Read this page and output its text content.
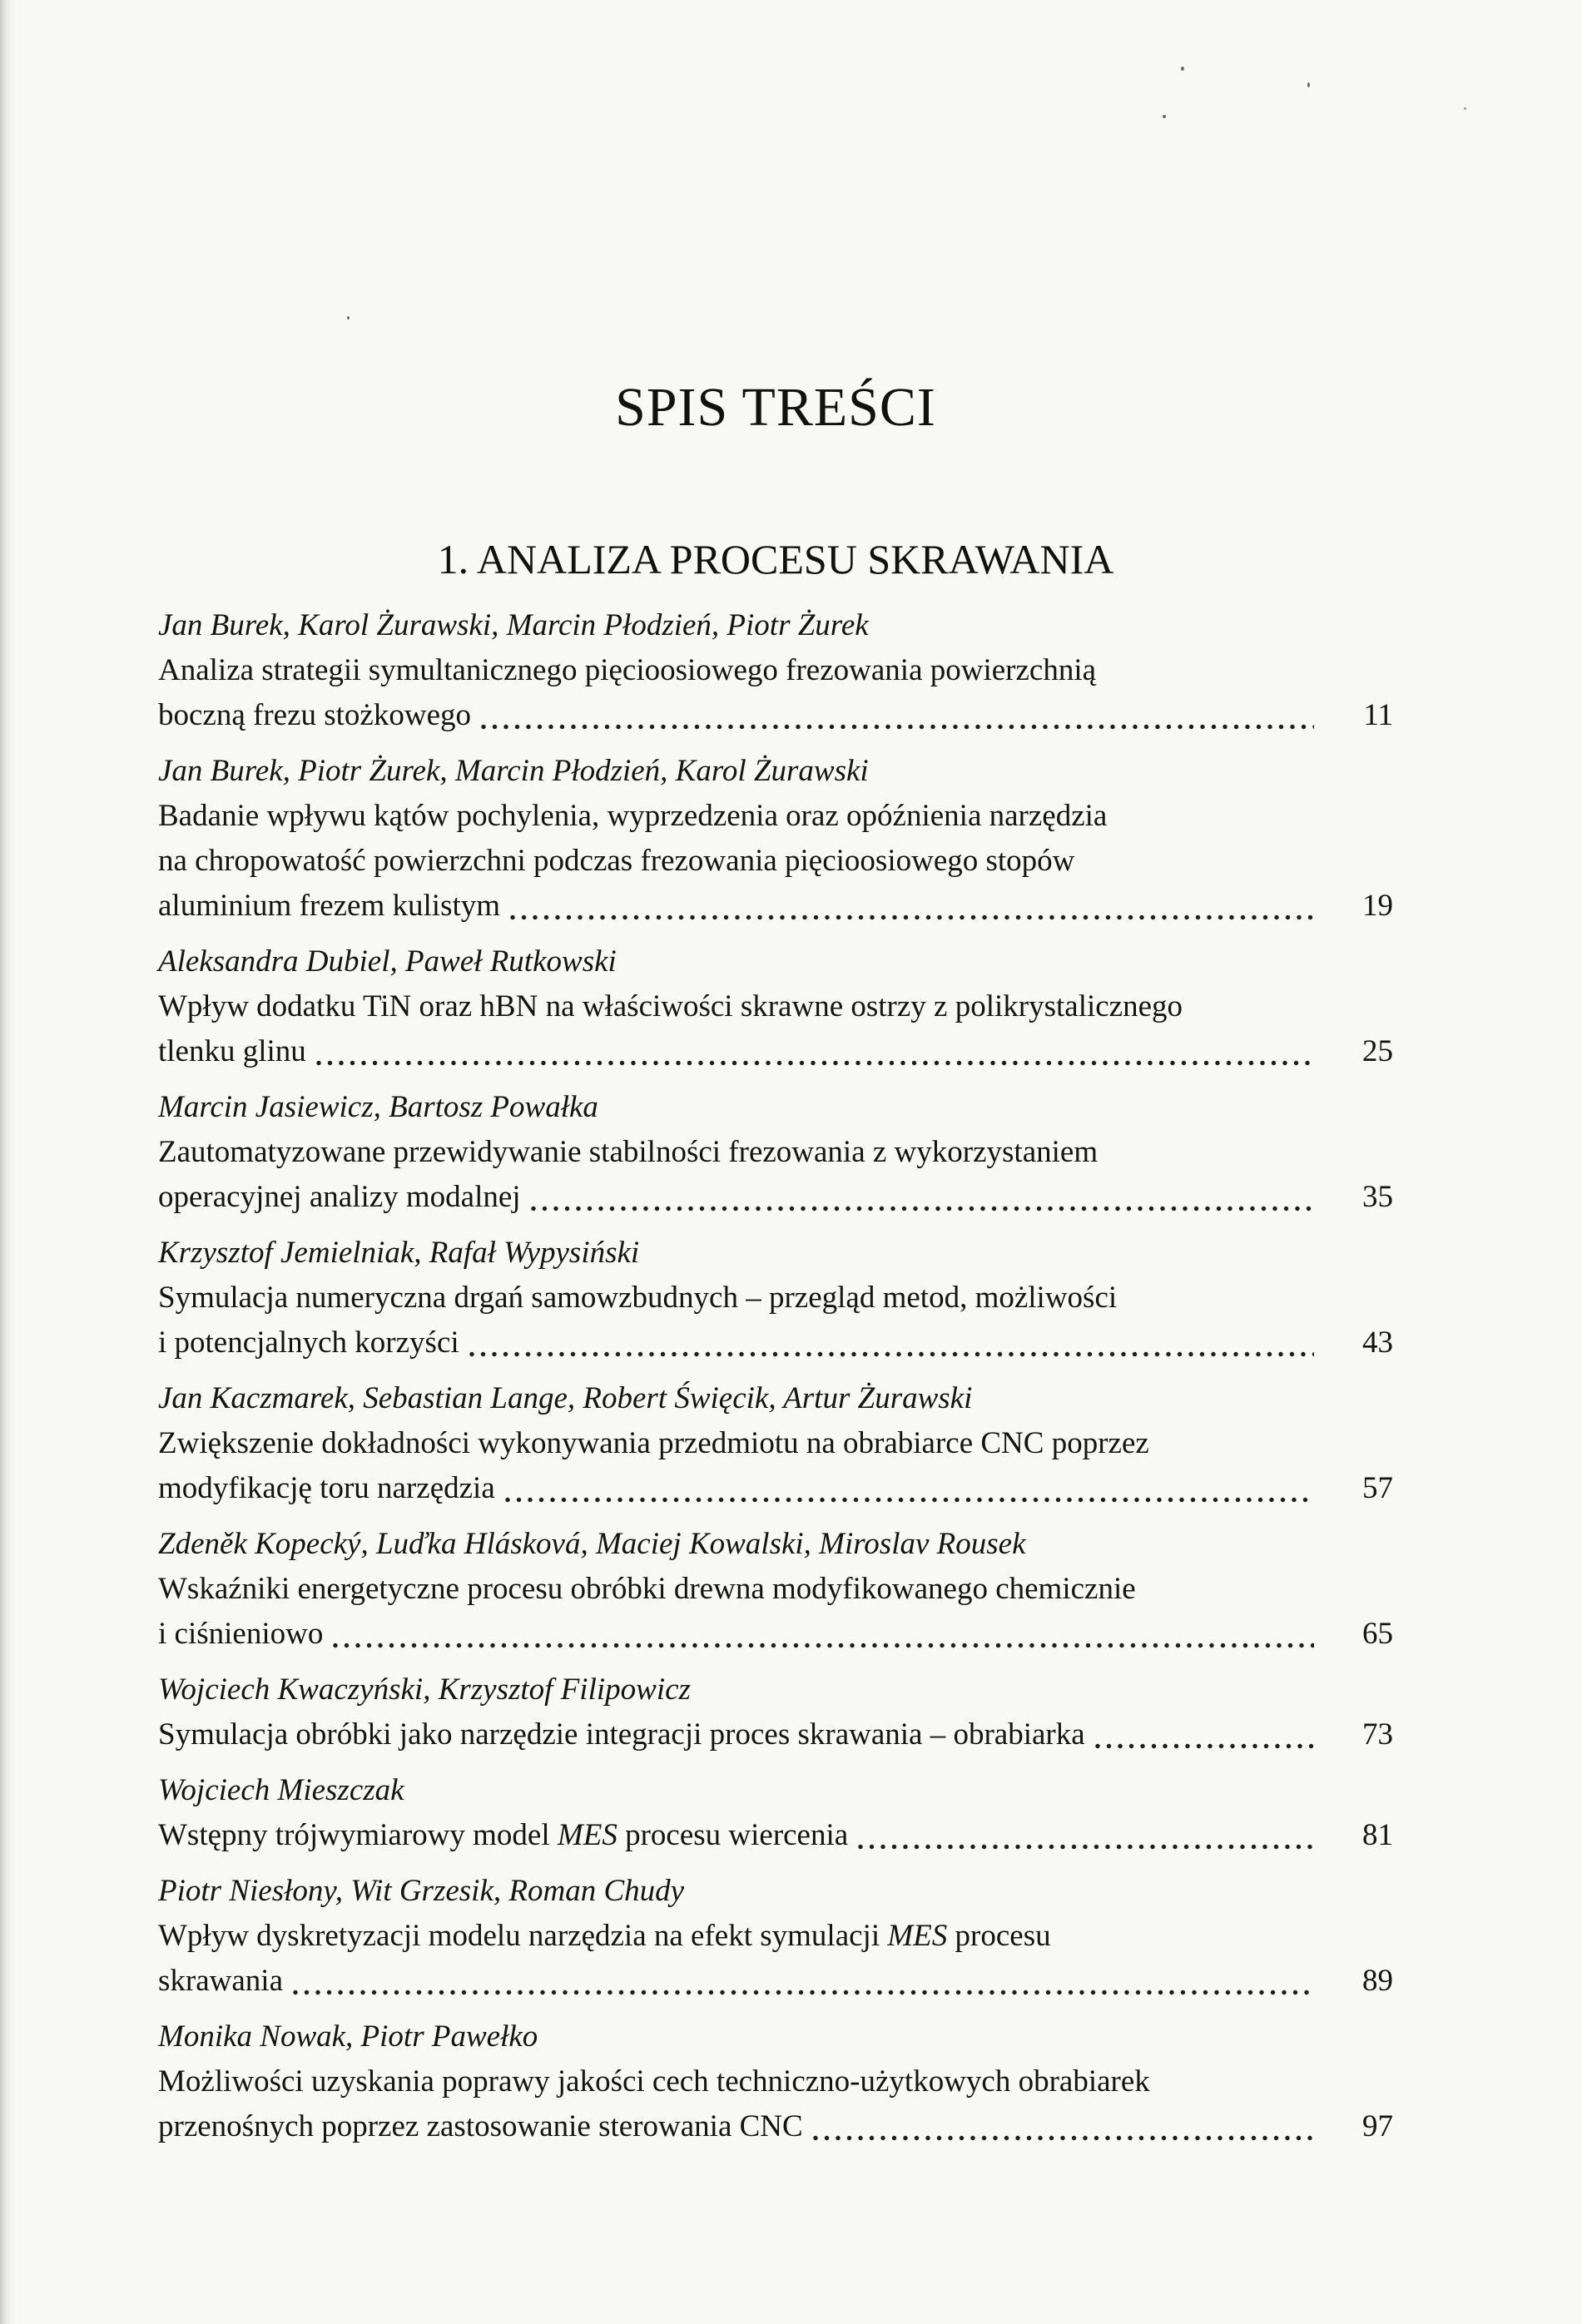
SPIS TREŚCI
1. ANALIZA PROCESU SKRAWANIA
Jan Burek, Karol Żurawski, Marcin Płodzień, Piotr Żurek
Analiza strategii symultanicznego pięcioosiowego frezowania powierzchnią
boczną frezu stożkowego	11
Jan Burek, Piotr Żurek, Marcin Płodzień, Karol Żurawski
Badanie wpływu kątów pochylenia, wyprzedzenia oraz opóźnienia narzędzia
na chropowatość powierzchni podczas frezowania pięcioosiowego stopów
aluminium frezem kulistym	19
Aleksandra Dubiel, Paweł Rutkowski
Wpływ dodatku TiN oraz hBN na właściwości skrawne ostrzy z polikrystalicznego
tlenku glinu	25
Marcin Jasiewicz, Bartosz Powałka
Zautomatyzowane przewidywanie stabilności frezowania z wykorzystaniem
operacyjnej analizy modalnej	35
Krzysztof Jemielniak, Rafał Wypysiński
Symulacja numeryczna drgań samowzbudnych – przegląd metod, możliwości
i potencjalnych korzyści	43
Jan Kaczmarek, Sebastian Lange, Robert Święcik, Artur Żurawski
Zwiększenie dokładności wykonywania przedmiotu na obrabiarce CNC poprzez
modyfikację toru narzędzia	57
Zdeněk Kopecký, Luďka Hlásková, Maciej Kowalski, Miroslav Rousek
Wskaźniki energetyczne procesu obróbki drewna modyfikowanego chemicznie
i ciśnieniowo	65
Wojciech Kwaczyński, Krzysztof Filipowicz
Symulacja obróbki jako narzędzie integracji proces skrawania – obrabiarka	73
Wojciech Mieszczak
Wstępny trójwymiarowy model MES procesu wiercenia	81
Piotr Niesłony, Wit Grzesik, Roman Chudy
Wpływ dyskretyzacji modelu narzędzia na efekt symulacji MES procesu
skrawania	89
Monika Nowak, Piotr Pawełko
Możliwości uzyskania poprawy jakości cech techniczno-użytkowych obrabiarek
przenośnych poprzez zastosowanie sterowania CNC	97
